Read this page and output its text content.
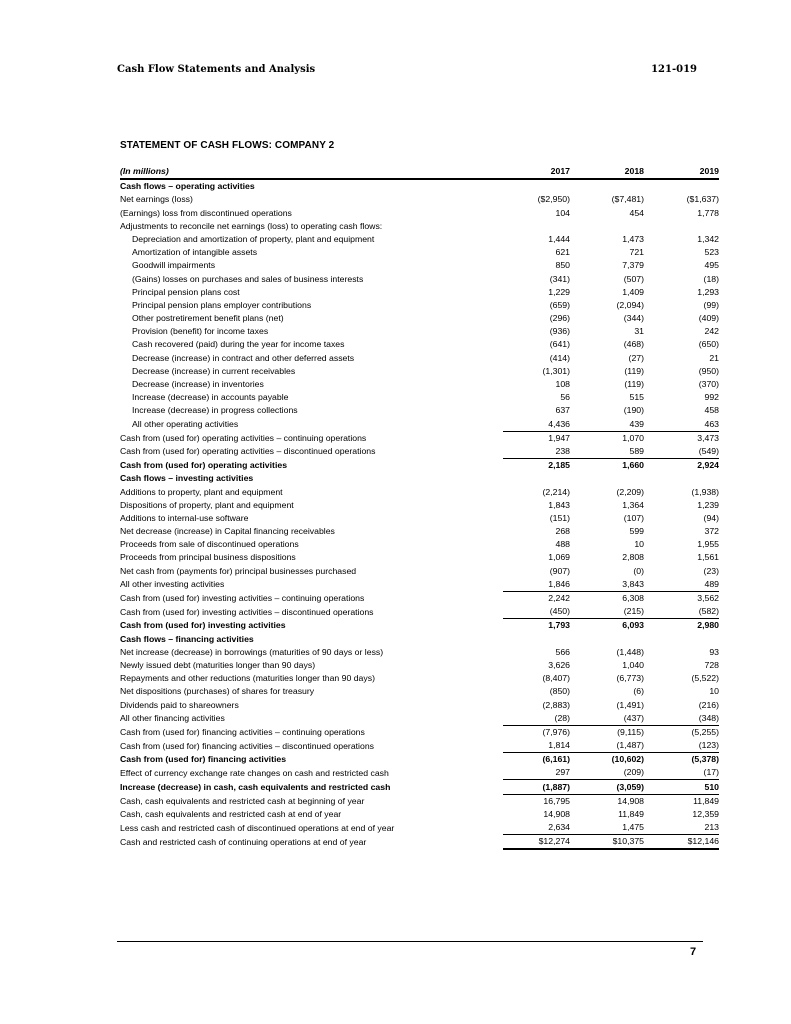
Cash Flow Statements and Analysis	121-019
STATEMENT OF CASH FLOWS: COMPANY 2
(In millions)	2017	2018	2019
Cash flows – operating activities			
Net earnings (loss)	($2,950)	($7,481)	($1,637)
(Earnings) loss from discontinued operations	104	454	1,778
Adjustments to reconcile net earnings (loss) to operating cash flows:			
Depreciation and amortization of property, plant and equipment	1,444	1,473	1,342
Amortization of intangible assets	621	721	523
Goodwill impairments	850	7,379	495
(Gains) losses on purchases and sales of business interests	(341)	(507)	(18)
Principal pension plans cost	1,229	1,409	1,293
Principal pension plans employer contributions	(659)	(2,094)	(99)
Other postretirement benefit plans (net)	(296)	(344)	(409)
Provision (benefit) for income taxes	(936)	31	242
Cash recovered (paid) during the year for income taxes	(641)	(468)	(650)
Decrease (increase) in contract and other deferred assets	(414)	(27)	21
Decrease (increase) in current receivables	(1,301)	(119)	(950)
Decrease (increase) in inventories	108	(119)	(370)
Increase (decrease) in accounts payable	56	515	992
Increase (decrease) in progress collections	637	(190)	458
All other operating activities	4,436	439	463
Cash from (used for) operating activities – continuing operations	1,947	1,070	3,473
Cash from (used for) operating activities – discontinued operations	238	589	(549)
Cash from (used for) operating activities	2,185	1,660	2,924
Cash flows – investing activities			
Additions to property, plant and equipment	(2,214)	(2,209)	(1,938)
Dispositions of property, plant and equipment	1,843	1,364	1,239
Additions to internal-use software	(151)	(107)	(94)
Net decrease (increase) in Capital financing receivables	268	599	372
Proceeds from sale of discontinued operations	488	10	1,955
Proceeds from principal business dispositions	1,069	2,808	1,561
Net cash from (payments for) principal businesses purchased	(907)	(0)	(23)
All other investing activities	1,846	3,843	489
Cash from (used for) investing activities – continuing operations	2,242	6,308	3,562
Cash from (used for) investing activities – discontinued operations	(450)	(215)	(582)
Cash from (used for) investing activities	1,793	6,093	2,980
Cash flows – financing activities			
Net increase (decrease) in borrowings (maturities of 90 days or less)	566	(1,448)	93
Newly issued debt (maturities longer than 90 days)	3,626	1,040	728
Repayments and other reductions (maturities longer than 90 days)	(8,407)	(6,773)	(5,522)
Net dispositions (purchases) of shares for treasury	(850)	(6)	10
Dividends paid to shareowners	(2,883)	(1,491)	(216)
All other financing activities	(28)	(437)	(348)
Cash from (used for) financing activities – continuing operations	(7,976)	(9,115)	(5,255)
Cash from (used for) financing activities – discontinued operations	1,814	(1,487)	(123)
Cash from (used for) financing activities	(6,161)	(10,602)	(5,378)
Effect of currency exchange rate changes on cash and restricted cash	297	(209)	(17)
Increase (decrease) in cash, cash equivalents and restricted cash	(1,887)	(3,059)	510
Cash, cash equivalents and restricted cash at beginning of year	16,795	14,908	11,849
Cash, cash equivalents and restricted cash at end of year	14,908	11,849	12,359
Less cash and restricted cash of discontinued operations at end of year	2,634	1,475	213
Cash and restricted cash of continuing operations at end of year	$12,274	$10,375	$12,146
7
